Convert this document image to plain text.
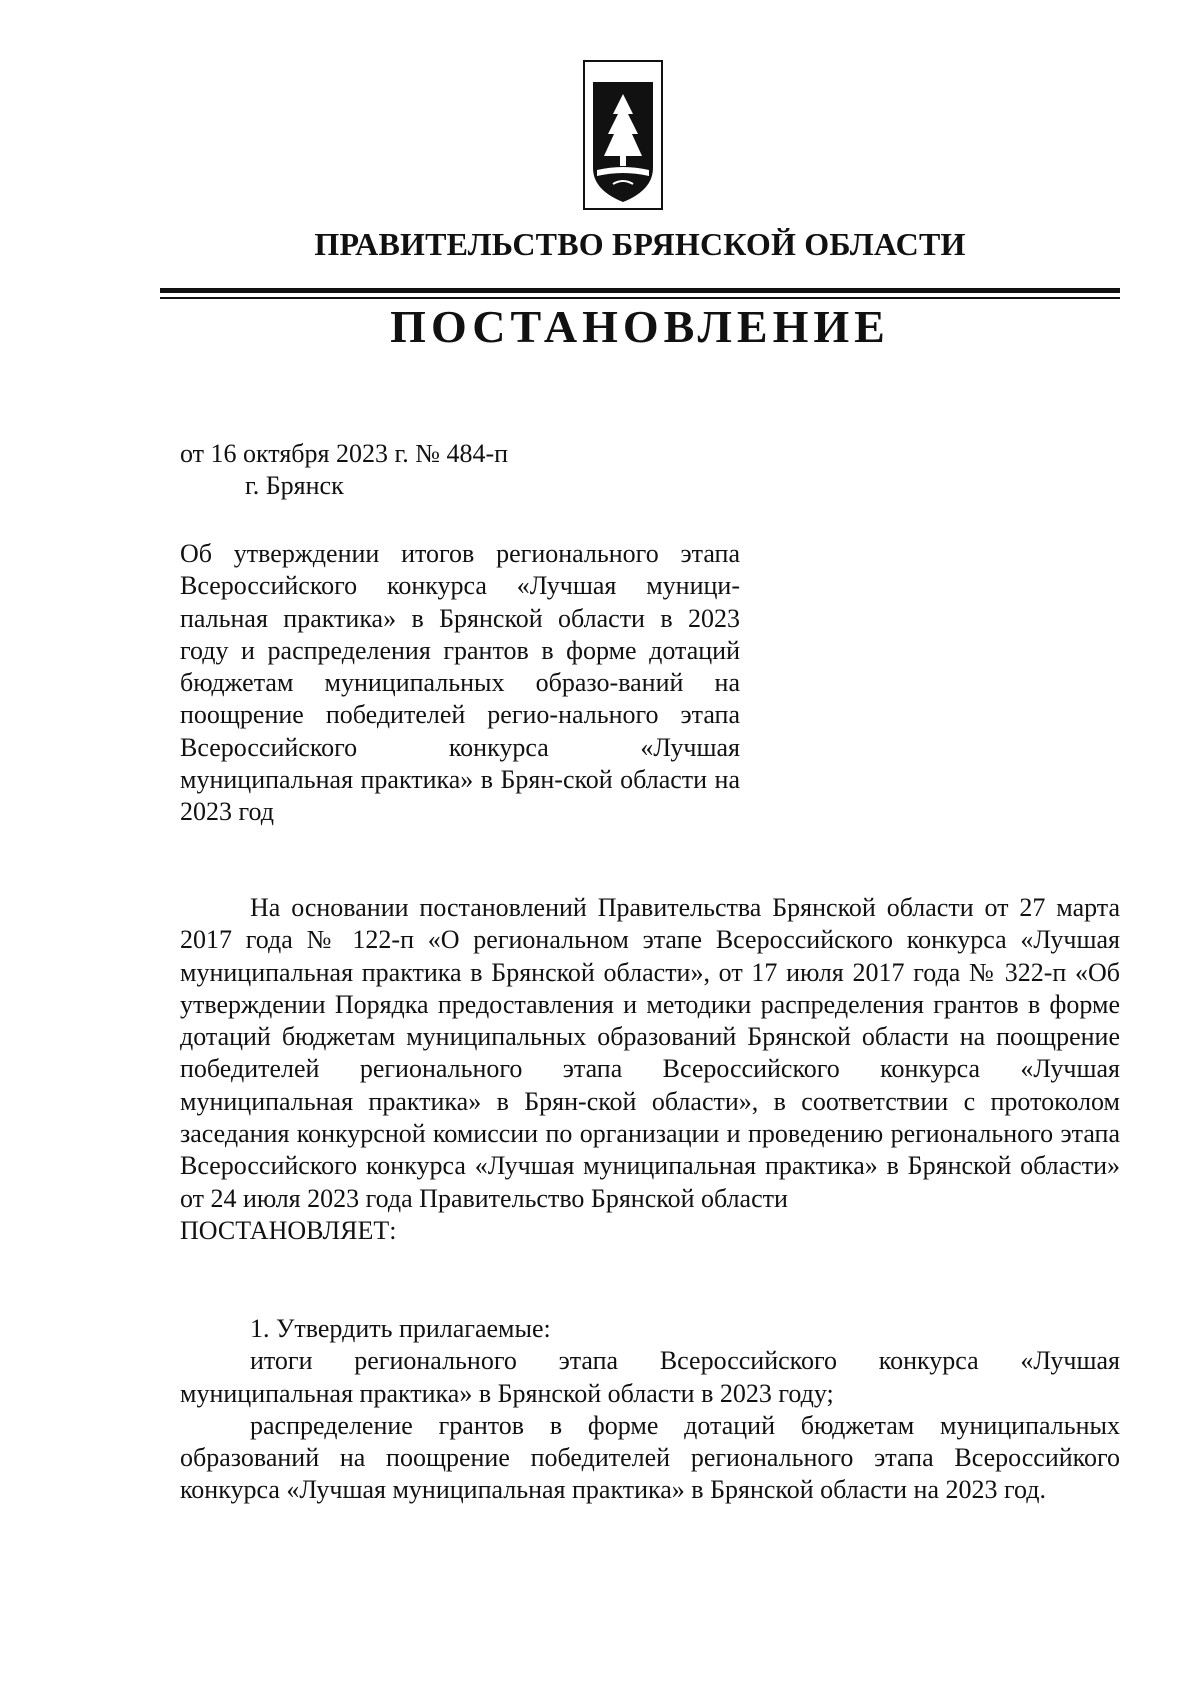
ПРАВИТЕЛЬСТВО БРЯНСКОЙ ОБЛАСТИ
ПОСТАНОВЛЕНИЕ
от 16 октября 2023 г. № 484-п
г. Брянск
Об утверждении итогов регионального этапа Всероссийского конкурса «Лучшая муници-пальная практика» в Брянской области в 2023 году и распределения грантов в форме дотаций бюджетам муниципальных образо-ваний на поощрение победителей регио-нального этапа Всероссийского конкурса «Лучшая муниципальная практика» в Брян-ской области на 2023 год

На основании постановлений Правительства Брянской области от 27 марта 2017 года № 122-п «О региональном этапе Всероссийского конкурса «Лучшая муниципальная практика в Брянской области», от 17 июля 2017 года № 322-п «Об утверждении Порядка предоставления и методики распределения грантов в форме дотаций бюджетам муниципальных образований Брянской области на поощрение победителей регионального этапа Всероссийского конкурса «Лучшая муниципальная практика» в Брян-ской области», в соответствии с протоколом заседания конкурсной комиссии по организации и проведению регионального этапа Всероссийского конкурса «Лучшая муниципальная практика» в Брянской области» от 24 июля 2023 года Правительство Брянской области

ПОСТАНОВЛЯЕТ:

1. Утвердить прилагаемые:

итоги регионального этапа Всероссийского конкурса «Лучшая муниципальная практика» в Брянской области в 2023 году;

распределение грантов в форме дотаций бюджетам муниципальных образований на поощрение победителей регионального этапа Всероссийкого конкурса «Лучшая муниципальная практика» в Брянской области на 2023 год.
